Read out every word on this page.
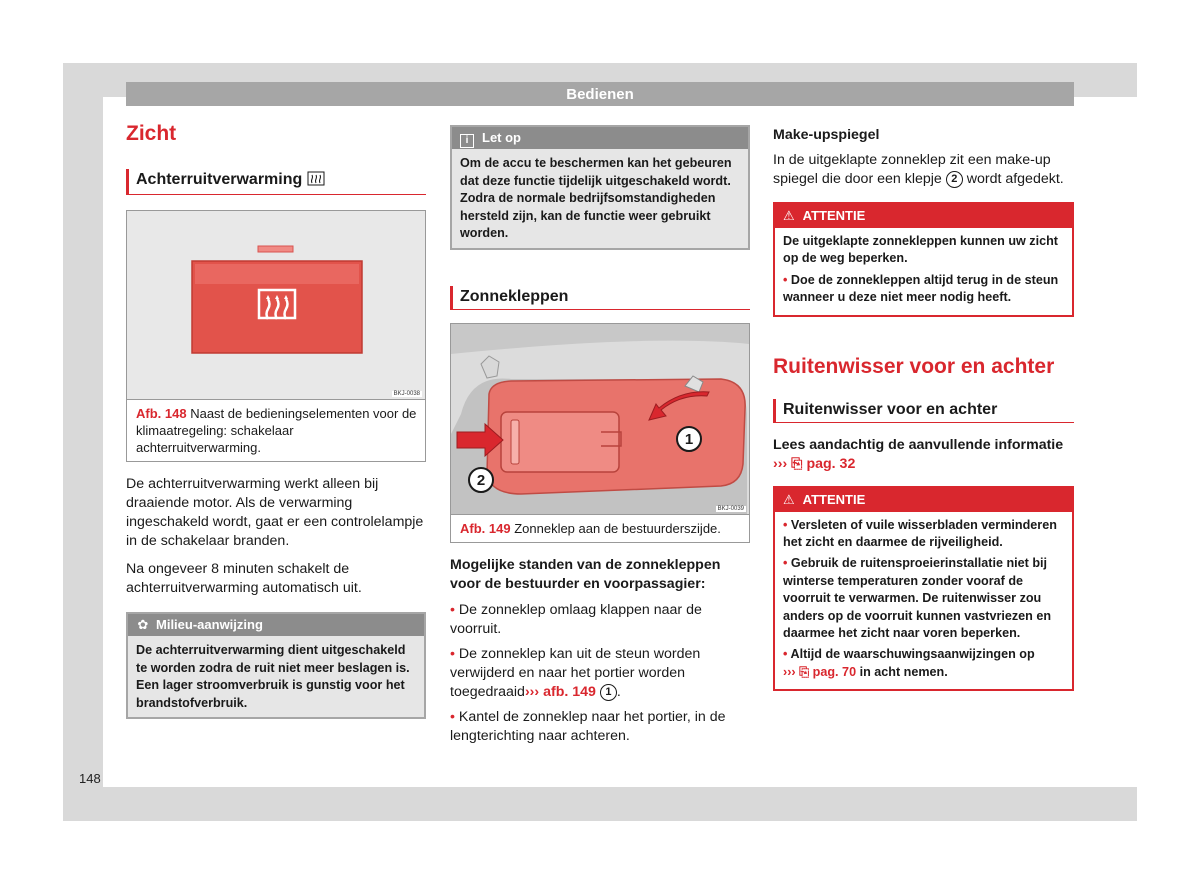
Bedienen
Zicht
Achterruitverwarming
BKJ-0038
Afb. 148 Naast de bedieningselementen voor de klimaatregeling: schakelaar achterruitverwarming.

De achterruitverwarming werkt alleen bij draaiende motor. Als de verwarming ingeschakeld wordt, gaat er een controlelampje in de schakelaar branden.

Na ongeveer 8 minuten schakelt de achterruitverwarming automatisch uit.

✿ Milieu-aanwijzing
De achterruitverwarming dient uitgeschakeld te worden zodra de ruit niet meer beslagen is. Een lager stroomverbruik is gunstig voor het brandstofverbruik.
i Let op
Om de accu te beschermen kan het gebeuren dat deze functie tijdelijk uitgeschakeld wordt. Zodra de normale bedrijfsomstandigheden hersteld zijn, kan de functie weer gebruikt worden.
Zonnekleppen
1
2
BKJ-0039
Afb. 149 Zonneklep aan de bestuurderszijde.

Mogelijke standen van de zonnekleppen voor de bestuurder en voorpassagier:

• De zonneklep omlaag klappen naar de voorruit.

• De zonneklep kan uit de steun worden verwijderd en naar het portier worden toegedraaid››› afb. 149 1 .

• Kantel de zonneklep naar het portier, in de lengterichting naar achteren.

Make-upspiegel

In de uitgeklapte zonneklep zit een make-up spiegel die door een klepje 2 wordt afgedekt.

⚠ ATTENTIE
De uitgeklapte zonnekleppen kunnen uw zicht op de weg beperken.
• Doe de zonnekleppen altijd terug in de steun wanneer u deze niet meer nodig heeft.
Ruitenwisser voor en achter
Ruitenwisser voor en achter

Lees aandachtig de aanvullende informatie
››› ⎘ pag. 32

⚠ ATTENTIE
• Versleten of vuile wisserbladen verminderen het zicht en daarmee de rijveiligheid.
• Gebruik de ruitensproeierinstallatie niet bij winterse temperaturen zonder vooraf de voorruit te verwarmen. De ruitenwisser zou anders op de voorruit kunnen vastvriezen en daarmee het zicht naar voren beperken.
• Altijd de waarschuwingsaanwijzingen op
››› ⎘ pag. 70 in acht nemen.
148
